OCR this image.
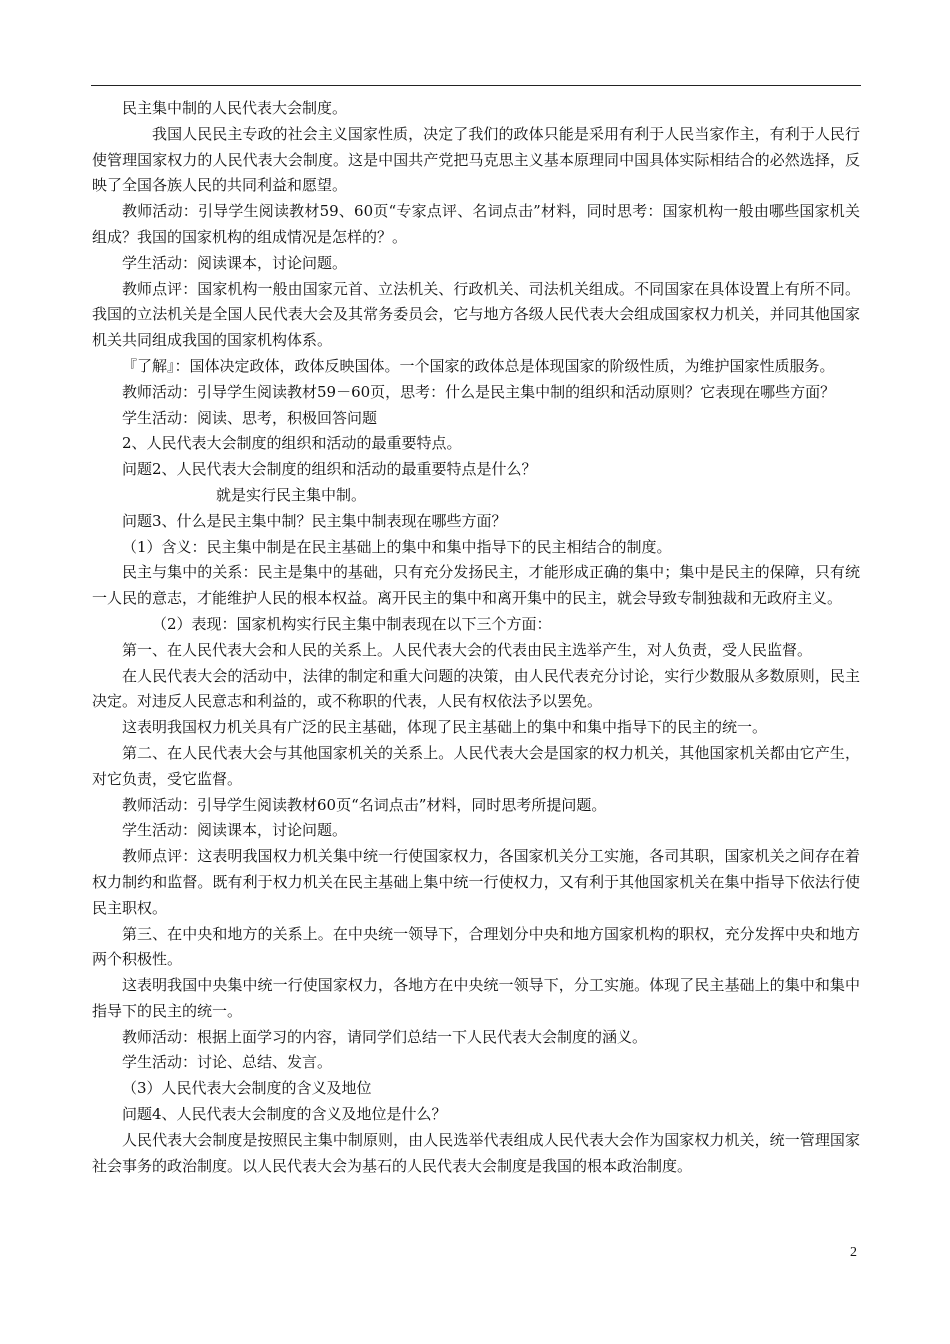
民主集中制的人民代表大会制度。

我国人民民主专政的社会主义国家性质，决定了我们的政体只能是采用有利于人民当家作主，有利于人民行使管理国家权力的人民代表大会制度。这是中国共产党把马克思主义基本原理同中国具体实际相结合的必然选择，反映了全国各族人民的共同利益和愿望。

教师活动：引导学生阅读教材59、60页“专家点评、名词点击”材料，同时思考：国家机构一般由哪些国家机关组成？我国的国家机构的组成情况是怎样的？。

学生活动：阅读课本，讨论问题。

教师点评：国家机构一般由国家元首、立法机关、行政机关、司法机关组成。不同国家在具体设置上有所不同。我国的立法机关是全国人民代表大会及其常务委员会，它与地方各级人民代表大会组成国家权力机关，并同其他国家机关共同组成我国的国家机构体系。

『了解』：国体决定政体，政体反映国体。一个国家的政体总是体现国家的阶级性质，为维护国家性质服务。

教师活动：引导学生阅读教材59－60页，思考：什么是民主集中制的组织和活动原则？它表现在哪些方面？

学生活动：阅读、思考，积极回答问题

2、人民代表大会制度的组织和活动的最重要特点。

问题2、人民代表大会制度的组织和活动的最重要特点是什么？

就是实行民主集中制。

问题3、什么是民主集中制？民主集中制表现在哪些方面？

（1）含义：民主集中制是在民主基础上的集中和集中指导下的民主相结合的制度。

民主与集中的关系：民主是集中的基础，只有充分发扬民主，才能形成正确的集中；集中是民主的保障，只有统一人民的意志，才能维护人民的根本权益。离开民主的集中和离开集中的民主，就会导致专制独裁和无政府主义。

（2）表现：国家机构实行民主集中制表现在以下三个方面：

第一、在人民代表大会和人民的关系上。人民代表大会的代表由民主选举产生，对人负责，受人民监督。

在人民代表大会的活动中，法律的制定和重大问题的决策，由人民代表充分讨论，实行少数服从多数原则，民主决定。对违反人民意志和利益的，或不称职的代表，人民有权依法予以罢免。

这表明我国权力机关具有广泛的民主基础，体现了民主基础上的集中和集中指导下的民主的统一。

第二、在人民代表大会与其他国家机关的关系上。人民代表大会是国家的权力机关，其他国家机关都由它产生，对它负责，受它监督。

教师活动：引导学生阅读教材60页“名词点击”材料，同时思考所提问题。

学生活动：阅读课本，讨论问题。

教师点评：这表明我国权力机关集中统一行使国家权力，各国家机关分工实施，各司其职，国家机关之间存在着权力制约和监督。既有利于权力机关在民主基础上集中统一行使权力，又有利于其他国家机关在集中指导下依法行使民主职权。

第三、在中央和地方的关系上。在中央统一领导下，合理划分中央和地方国家机构的职权，充分发挥中央和地方两个积极性。

这表明我国中央集中统一行使国家权力，各地方在中央统一领导下，分工实施。体现了民主基础上的集中和集中指导下的民主的统一。

教师活动：根据上面学习的内容，请同学们总结一下人民代表大会制度的涵义。

学生活动：讨论、总结、发言。

（3）人民代表大会制度的含义及地位

问题4、人民代表大会制度的含义及地位是什么？

人民代表大会制度是按照民主集中制原则，由人民选举代表组成人民代表大会作为国家权力机关，统一管理国家社会事务的政治制度。以人民代表大会为基石的人民代表大会制度是我国的根本政治制度。

2
